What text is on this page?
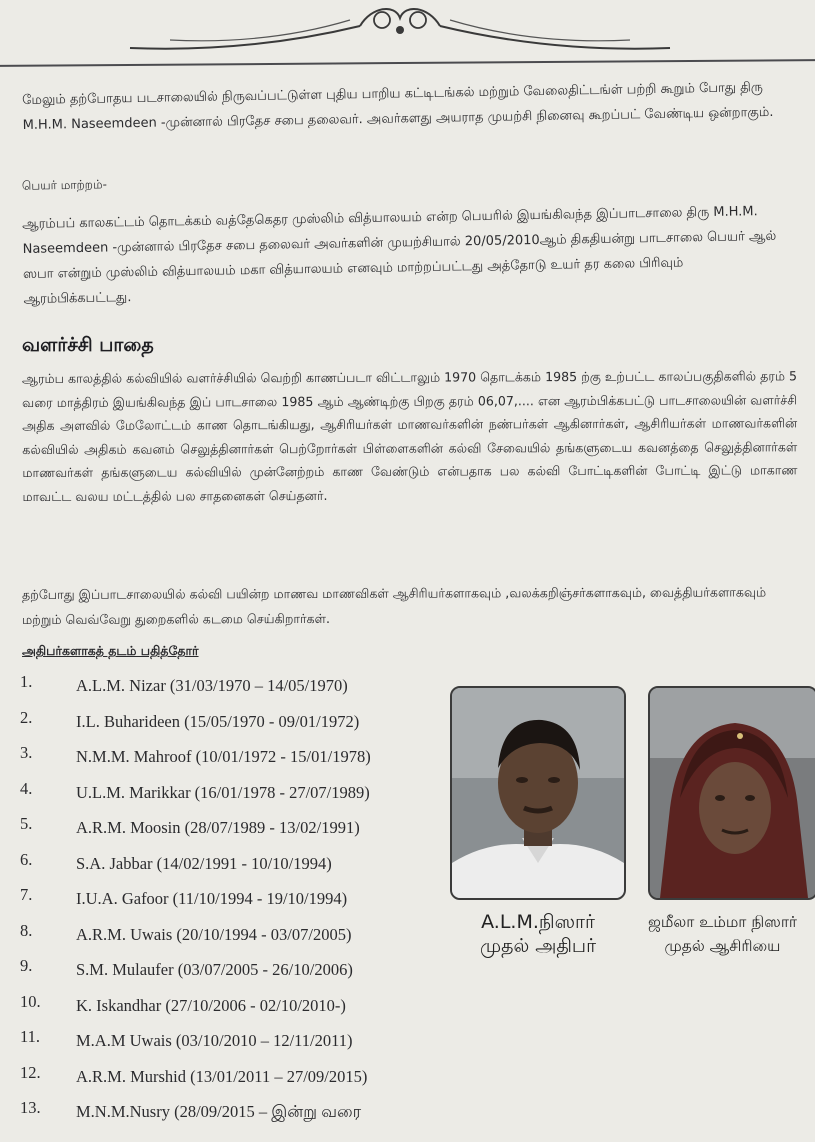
மேலும் தற்போதய படசாலையில் நிருவப்பட்டுள்ள புதிய பாறிய கட்டிடங்கல் மற்றும் வேலைதிட்டங்ள் பற்றி கூறும் போது திரு M.H.M. Naseemdeen -முன்னால் பிரதேச சபை தலைவர். அவர்களது அயராத முயற்சி நினைவு கூறப்பட் வேண்டிய ஒன்றாகும்.
பெயர் மாற்றம்-
ஆரம்பப் காலகட்டம் தொடக்கம் வத்தேகெதர முஸ்லிம் வித்யாலயம் என்ற பெயரில் இயங்கிவந்த இப்பாடசாலை திரு M.H.M. Naseemdeen -முன்னால் பிரதேச சபை தலைவர் அவர்களின் முயற்சியால் 20/05/2010ஆம் திகதியன்று பாடசாலை பெயர் ஆல் ஸபா என்றும் முஸ்லிம் வித்யாலயம் மகா வித்யாலயம் எனவும் மாற்றப்பட்டது அத்தோடு உயர் தர கலை பிரிவும் ஆரம்பிக்கபட்டது.
வளர்ச்சி பாதை
ஆரம்ப காலத்தில் கல்வியில் வளர்ச்சியில் வெற்றி காணப்படா விட்டாலும் 1970 தொடக்கம் 1985 ற்கு உற்பட்ட காலப்பகுதிகளில் தரம் 5 வரை மாத்திரம் இயங்கிவந்த இப் பாடசாலை 1985 ஆம் ஆண்டிற்கு பிறகு தரம் 06,07,.... என ஆரம்பிக்கபட்டு பாடசாலையின் வளர்ச்சி அதிக அளவில் மேலோட்டம் காண தொடங்கியது, ஆசிரியர்கள் மாணவர்களின் நண்பர்கள் ஆகினார்கள், ஆசிரியர்கள் மாணவர்களின் கல்வியில் அதிகம் கவனம் செலுத்தினார்கள் பெற்றோர்கள் பிள்ளைகளின் கல்வி சேவையில் தங்களுடைய கவனத்தை செலுத்தினார்கள் மாணவர்கள் தங்களுடைய கல்வியில் முன்னேற்றம் காண வேண்டும் என்பதாக பல கல்வி போட்டிகளின் போட்டி இட்டு மாகாண மாவட்ட வலய மட்டத்தில் பல சாதனைகள் செய்தனர்.
தற்போது இப்பாடசாலையில் கல்வி பயின்ற மாணவ மாணவிகள் ஆசிரியர்களாகவும் ,வலக்கறிஞ்சர்களாகவும், வைத்தியர்களாகவும் மற்றும் வெவ்வேறு துறைகளில் கடமை செய்கிறார்கள்.
அதிபர்களாகத் தடம் பதித்தோர்
1.	A.L.M. Nizar (31/03/1970 – 14/05/1970)
2.	I.L. Buharideen (15/05/1970 - 09/01/1972)
3.	N.M.M. Mahroof (10/01/1972 - 15/01/1978)
4.	U.L.M. Marikkar (16/01/1978 - 27/07/1989)
5.	A.R.M. Moosin (28/07/1989 - 13/02/1991)
6.	S.A. Jabbar (14/02/1991 - 10/10/1994)
7.	I.U.A. Gafoor (11/10/1994 - 19/10/1994)
8.	A.R.M. Uwais (20/10/1994 - 03/07/2005)
9.	S.M. Mulaufer (03/07/2005 - 26/10/2006)
10.	K. Iskandhar (27/10/2006 - 02/10/2010-)
11.	M.A.M Uwais (03/10/2010 – 12/11/2011)
12.	A.R.M. Murshid (13/01/2011 – 27/09/2015)
13.	M.N.M.Nusry (28/09/2015 – இன்று வரை
A.L.M.நிஸார்
முதல் அதிபர்
ஜமீலா உம்மா நிஸார்
முதல் ஆசிரியை
